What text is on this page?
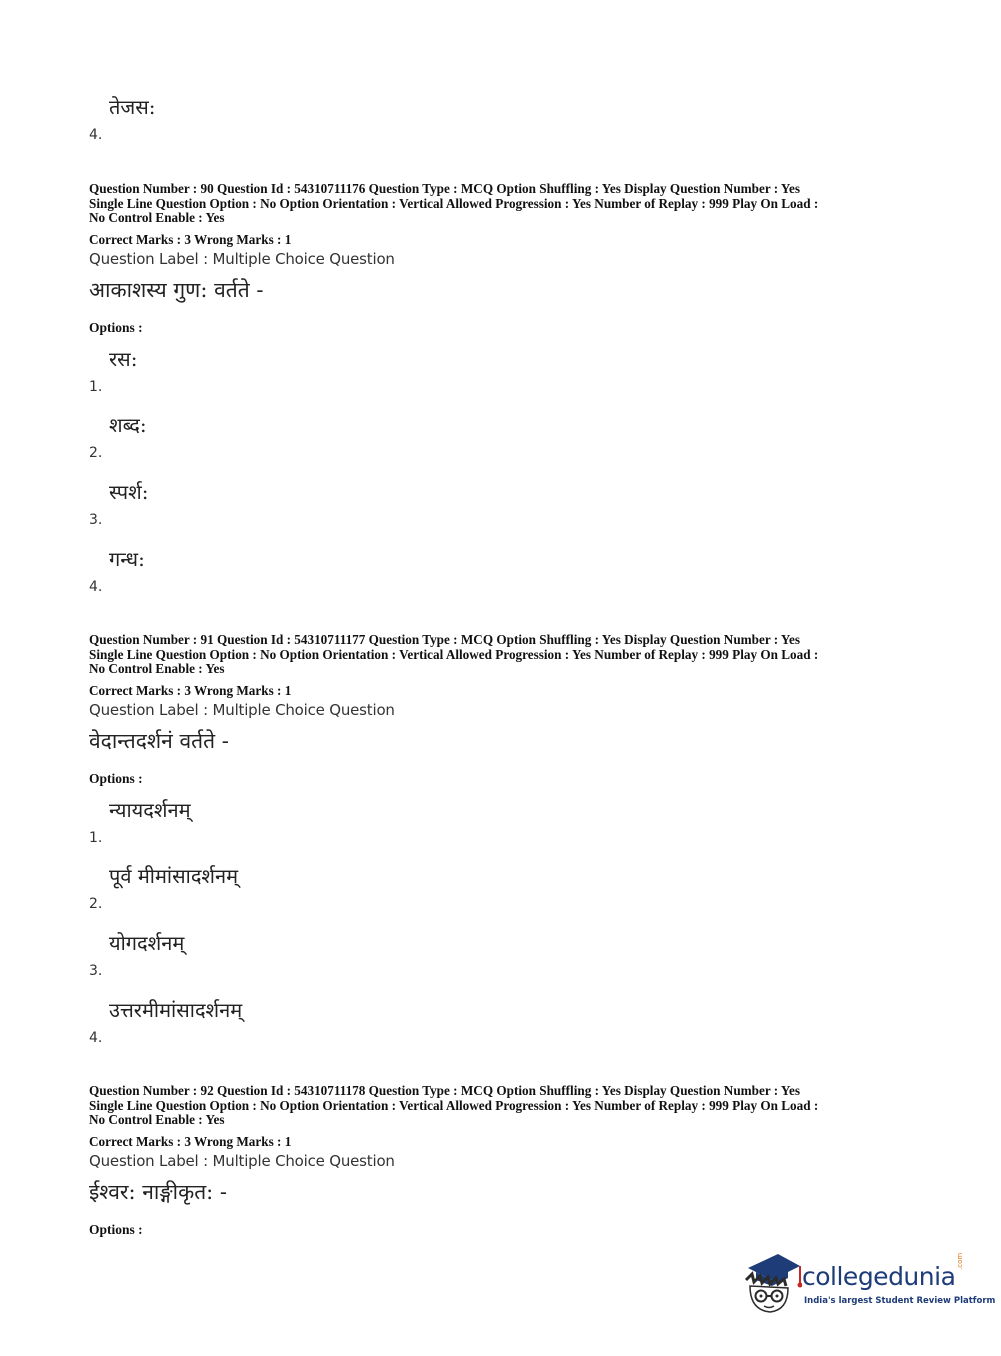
तेजस:
4.

Question Number : 90 Question Id : 54310711176 Question Type : MCQ Option Shuffling : Yes Display Question Number : Yes

Single Line Question Option : No Option Orientation : Vertical Allowed Progression : Yes Number of Replay : 999 Play On Load :

No Control Enable : Yes

Correct Marks : 3 Wrong Marks : 1
Question Label : Multiple Choice Question
आकाशस्य गुण: वर्तते -
Options :
रस:
1.
शब्द:
2.
स्पर्श:
3.
गन्ध:
4.

Question Number : 91 Question Id : 54310711177 Question Type : MCQ Option Shuffling : Yes Display Question Number : Yes

Single Line Question Option : No Option Orientation : Vertical Allowed Progression : Yes Number of Replay : 999 Play On Load :

No Control Enable : Yes

Correct Marks : 3 Wrong Marks : 1
Question Label : Multiple Choice Question
वेदान्तदर्शनं वर्तते -
Options :
न्यायदर्शनम्
1.
पूर्व मीमांसादर्शनम्
2.
योगदर्शनम्
3.
उत्तरमीमांसादर्शनम्
4.

Question Number : 92 Question Id : 54310711178 Question Type : MCQ Option Shuffling : Yes Display Question Number : Yes

Single Line Question Option : No Option Orientation : Vertical Allowed Progression : Yes Number of Replay : 999 Play On Load :

No Control Enable : Yes

Correct Marks : 3 Wrong Marks : 1
Question Label : Multiple Choice Question
ईश्वर: नाङ्गीकृत: -
Options :
collegedunia
.com
India's largest Student Review Platform
